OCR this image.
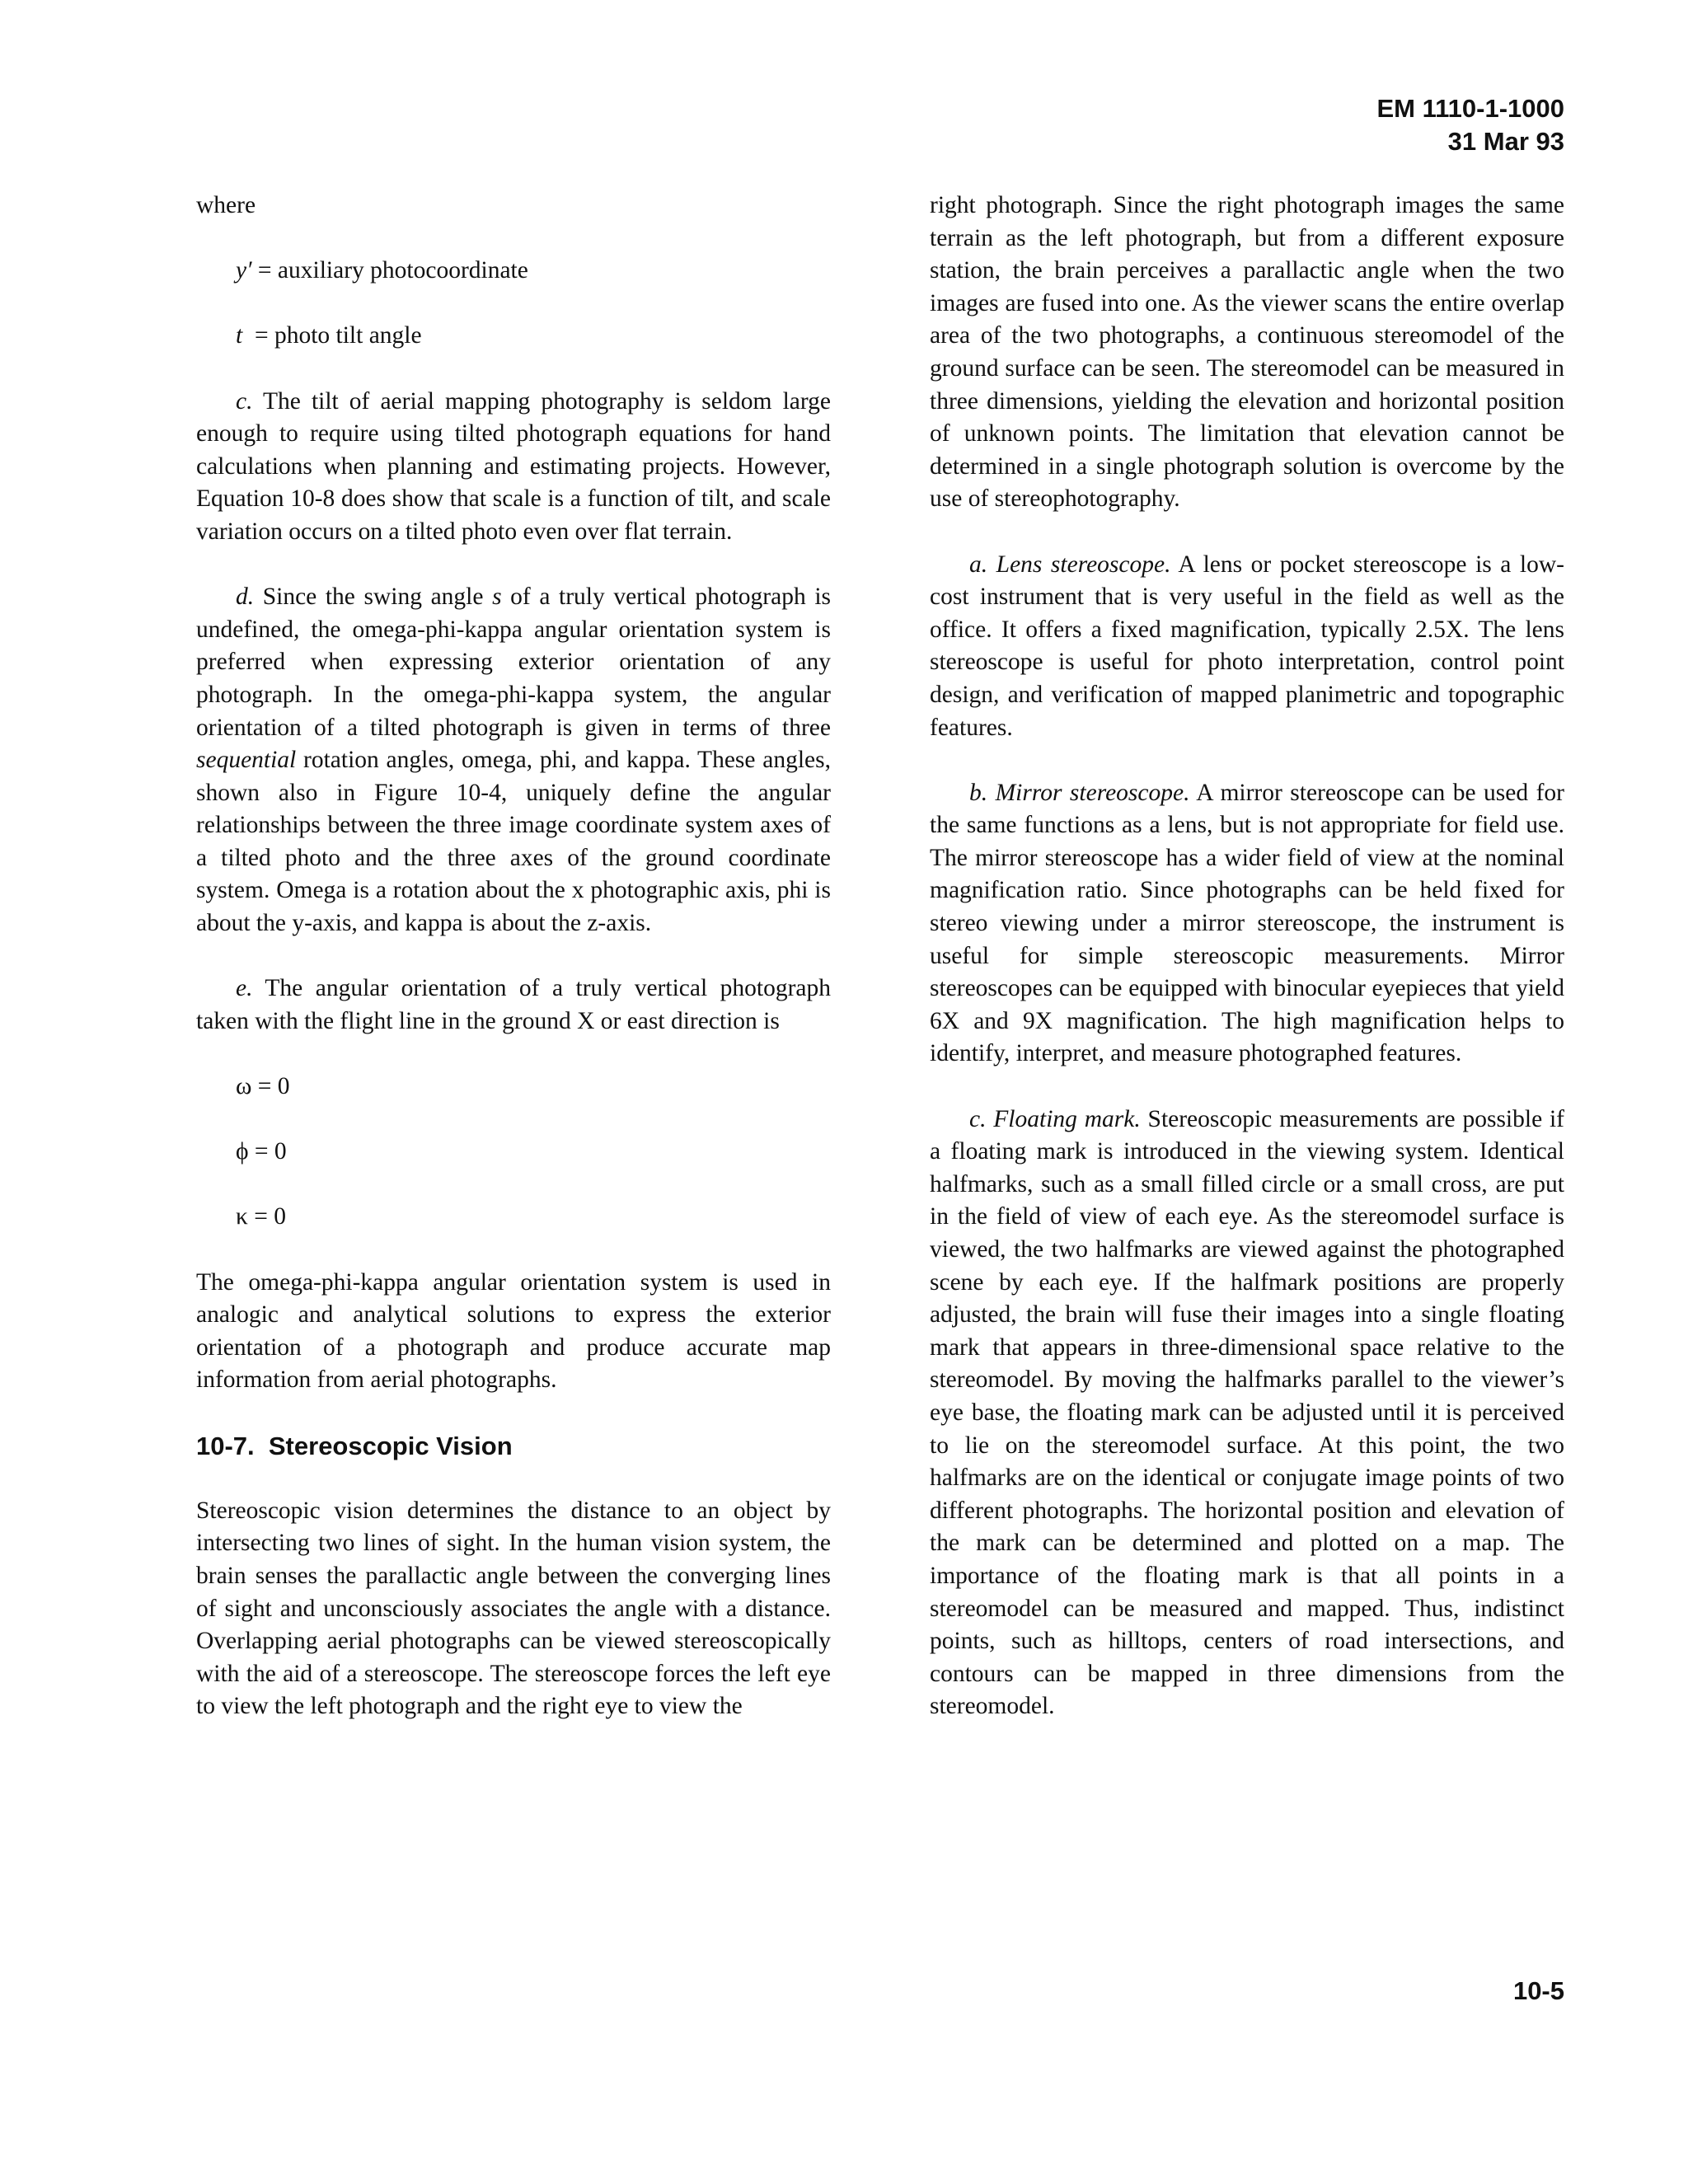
EM 1110-1-1000
31 Mar 93

where

y′ = auxiliary photocoordinate

t  = photo tilt angle

c. The tilt of aerial mapping photography is seldom large enough to require using tilted photograph equations for hand calculations when planning and estimating projects. However, Equation 10-8 does show that scale is a function of tilt, and scale variation occurs on a tilted photo even over flat terrain.

d. Since the swing angle s of a truly vertical photograph is undefined, the omega-phi-kappa angular orientation system is preferred when expressing exterior orientation of any photograph. In the omega-phi-kappa system, the angular orientation of a tilted photograph is given in terms of three sequential rotation angles, omega, phi, and kappa. These angles, shown also in Figure 10-4, uniquely define the angular relationships between the three image coordinate system axes of a tilted photo and the three axes of the ground coordinate system. Omega is a rotation about the x photographic axis, phi is about the y-axis, and kappa is about the z-axis.

e. The angular orientation of a truly vertical photograph taken with the flight line in the ground X or east direction is

ω = 0

ϕ = 0

κ = 0

The omega-phi-kappa angular orientation system is used in analogic and analytical solutions to express the exterior orientation of a photograph and produce accurate map information from aerial photographs.

10-7.  Stereoscopic Vision

Stereoscopic vision determines the distance to an object by intersecting two lines of sight. In the human vision system, the brain senses the parallactic angle between the converging lines of sight and unconsciously associates the angle with a distance. Overlapping aerial photographs can be viewed stereoscopically with the aid of a stereoscope. The stereoscope forces the left eye to view the left photograph and the right eye to view the

right photograph. Since the right photograph images the same terrain as the left photograph, but from a different exposure station, the brain perceives a parallactic angle when the two images are fused into one. As the viewer scans the entire overlap area of the two photographs, a continuous stereomodel of the ground surface can be seen. The stereomodel can be measured in three dimensions, yielding the elevation and horizontal position of unknown points. The limitation that elevation cannot be determined in a single photograph solution is overcome by the use of stereophotography.

a. Lens stereoscope. A lens or pocket stereoscope is a low-cost instrument that is very useful in the field as well as the office. It offers a fixed magnification, typically 2.5X. The lens stereoscope is useful for photo interpretation, control point design, and verification of mapped planimetric and topographic features.

b. Mirror stereoscope. A mirror stereoscope can be used for the same functions as a lens, but is not appropriate for field use. The mirror stereoscope has a wider field of view at the nominal magnification ratio. Since photographs can be held fixed for stereo viewing under a mirror stereoscope, the instrument is useful for simple stereoscopic measurements. Mirror stereoscopes can be equipped with binocular eyepieces that yield 6X and 9X magnification. The high magnification helps to identify, interpret, and measure photographed features.

c. Floating mark. Stereoscopic measurements are possible if a floating mark is introduced in the viewing system. Identical halfmarks, such as a small filled circle or a small cross, are put in the field of view of each eye. As the stereomodel surface is viewed, the two halfmarks are viewed against the photographed scene by each eye. If the halfmark positions are properly adjusted, the brain will fuse their images into a single floating mark that appears in three-dimensional space relative to the stereomodel. By moving the halfmarks parallel to the viewer’s eye base, the floating mark can be adjusted until it is perceived to lie on the stereomodel surface. At this point, the two halfmarks are on the identical or conjugate image points of two different photographs. The horizontal position and elevation of the mark can be determined and plotted on a map. The importance of the floating mark is that all points in a stereomodel can be measured and mapped. Thus, indistinct points, such as hilltops, centers of road intersections, and contours can be mapped in three dimensions from the stereomodel.

10-5
